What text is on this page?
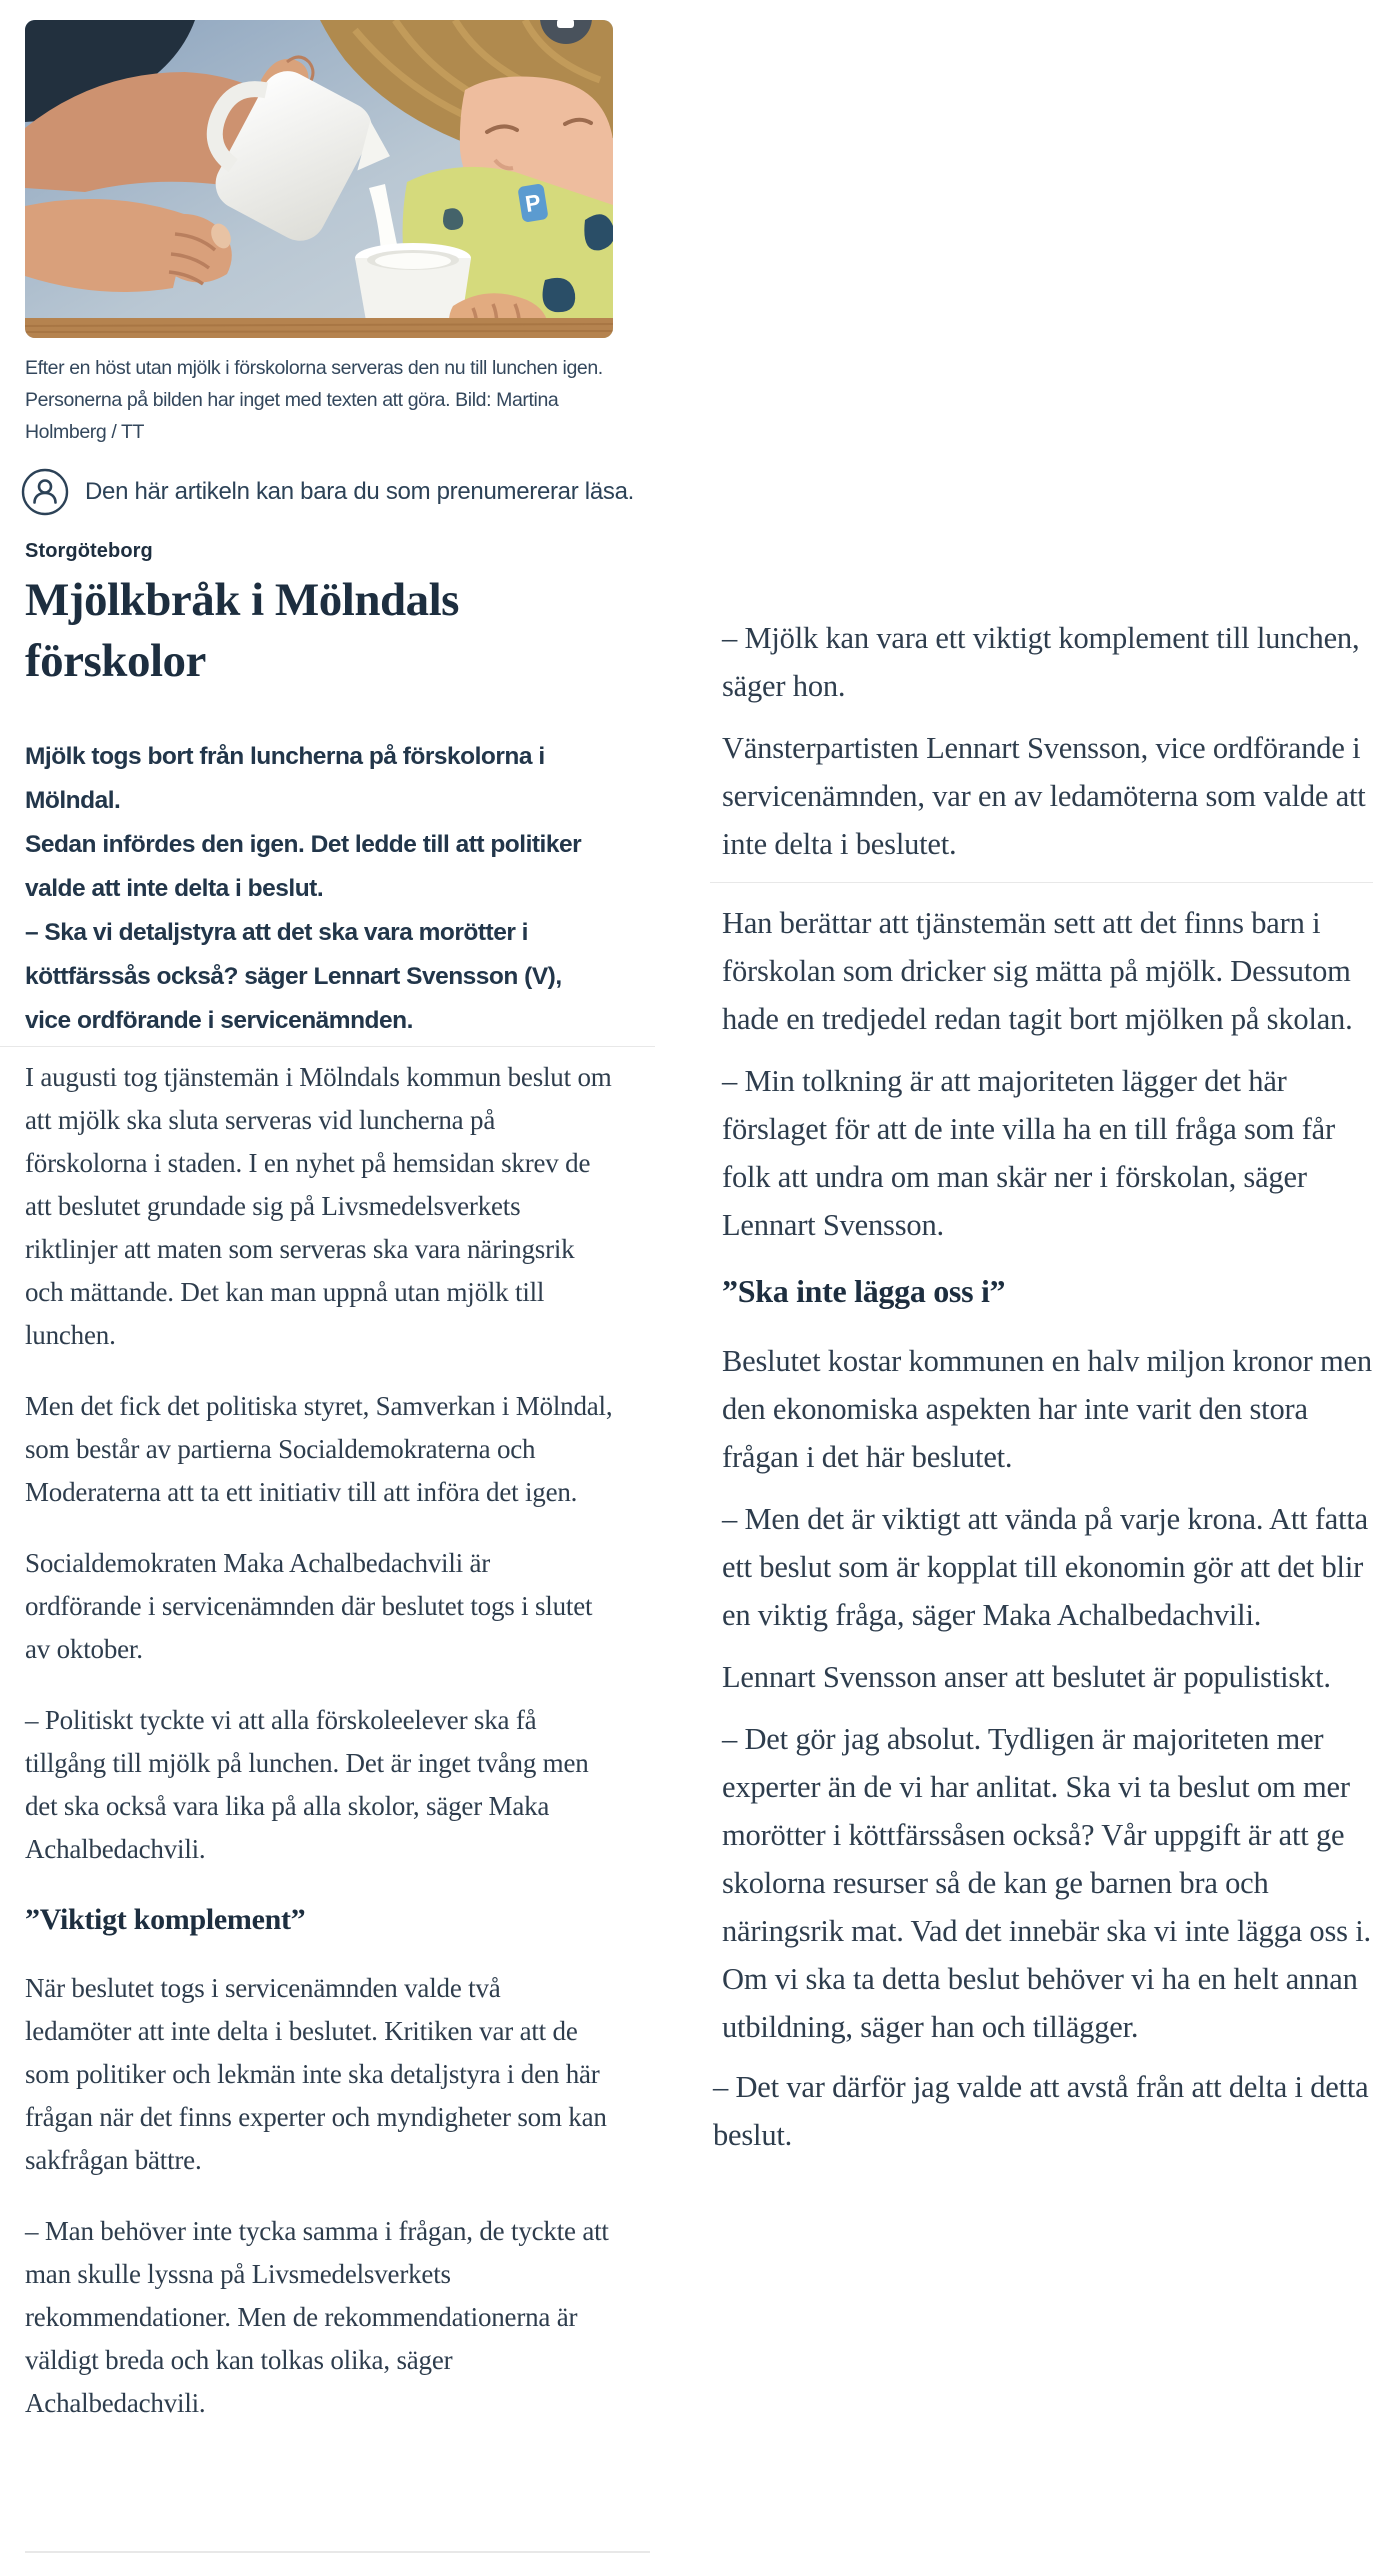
P
Efter en höst utan mjölk i förskolorna serveras den nu till lunchen igen. Personerna på bilden har inget med texten att göra. Bild: Martina Holmberg / TT
Den här artikeln kan bara du som prenumererar läsa.
Storgöteborg
Mjölkbråk i Mölndals förskolor

Mjölk togs bort från luncherna på förskolorna i Mölndal.

Sedan infördes den igen. Det ledde till att politiker valde att inte delta i beslut.

– Ska vi detaljstyra att det ska vara morötter i köttfärssås också? säger Lennart Svensson (V), vice ordförande i servicenämnden.

I augusti tog tjänstemän i Mölndals kommun beslut om att mjölk ska sluta serveras vid luncherna på förskolorna i staden. I en nyhet på hemsidan skrev de att beslutet grundade sig på Livsmedelsverkets riktlinjer att maten som serveras ska vara näringsrik och mättande. Det kan man uppnå utan mjölk till lunchen.

Men det fick det politiska styret, Samverkan i Mölndal, som består av partierna Socialdemokraterna och Moderaterna att ta ett initiativ till att införa det igen.

Socialdemokraten Maka Achalbedachvili är ordförande i servicenämnden där beslutet togs i slutet av oktober.

– Politiskt tyckte vi att alla förskoleelever ska få tillgång till mjölk på lunchen. Det är inget tvång men det ska också vara lika på alla skolor, säger Maka Achalbedachvili.

”Viktigt komplement”

När beslutet togs i servicenämnden valde två ledamöter att inte delta i beslutet. Kritiken var att de som politiker och lekmän inte ska detaljstyra i den här frågan när det finns experter och myndigheter som kan sakfrågan bättre.

– Man behöver inte tycka samma i frågan, de tyckte att man skulle lyssna på Livsmedelsverkets rekommendationer. Men de rekommendationerna är väldigt breda och kan tolkas olika, säger Achalbedachvili.

– Mjölk kan vara ett viktigt komplement till lunchen, säger hon.

Vänsterpartisten Lennart Svensson, vice ordförande i servicenämnden, var en av ledamöterna som valde att inte delta i beslutet.

Han berättar att tjänstemän sett att det finns barn i förskolan som dricker sig mätta på mjölk. Dessutom hade en tredjedel redan tagit bort mjölken på skolan.

– Min tolkning är att majoriteten lägger det här förslaget för att de inte villa ha en till fråga som får folk att undra om man skär ner i förskolan, säger Lennart Svensson.

”Ska inte lägga oss i”

Beslutet kostar kommunen en halv miljon kronor men den ekonomiska aspekten har inte varit den stora frågan i det här beslutet.

– Men det är viktigt att vända på varje krona. Att fatta ett beslut som är kopplat till ekonomin gör att det blir en viktig fråga, säger Maka Achalbedachvili.

Lennart Svensson anser att beslutet är populistiskt.

– Det gör jag absolut. Tydligen är majoriteten mer experter än de vi har anlitat. Ska vi ta beslut om mer morötter i köttfärssåsen också? Vår uppgift är att ge skolorna resurser så de kan ge barnen bra och näringsrik mat. Vad det innebär ska vi inte lägga oss i. Om vi ska ta detta beslut behöver vi ha en helt annan utbildning, säger han och tillägger.

– Det var därför jag valde att avstå från att delta i detta beslut.
